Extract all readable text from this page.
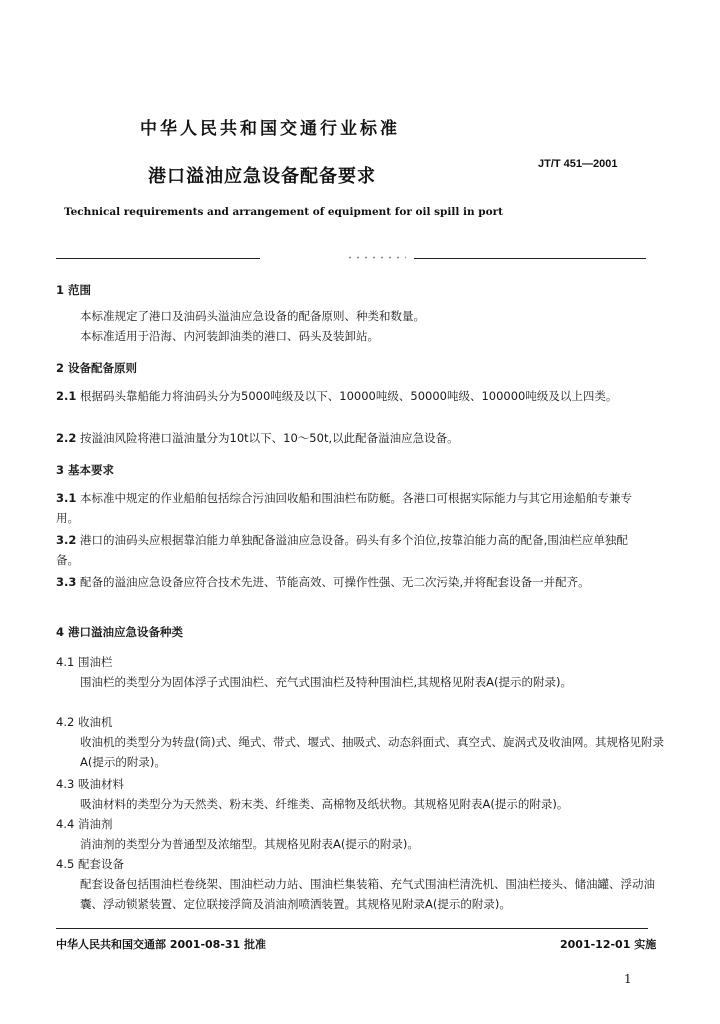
中华人民共和国交通行业标准
港口溢油应急设备配备要求
JT/T 451—2001
Technical requirements and arrangement of equipment for oil spill in port
1 范围
本标准规定了港口及油码头溢油应急设备的配备原则、种类和数量。
本标准适用于沿海、内河装卸油类的港口、码头及装卸站。
2 设备配备原则
2.1 根据码头靠船能力将油码头分为5000吨级及以下、10000吨级、50000吨级、100000吨级及以上四类。
2.2 按溢油风险将港口溢油量分为10t以下、10～50t,以此配备溢油应急设备。
3 基本要求
3.1 本标准中规定的作业船舶包括综合污油回收船和围油栏布防艇。各港口可根据实际能力与其它用途船舶专兼专用。
3.2 港口的油码头应根据靠泊能力单独配备溢油应急设备。码头有多个泊位,按靠泊能力高的配备,围油栏应单独配备。
3.3 配备的溢油应急设备应符合技术先进、节能高效、可操作性强、无二次污染,并将配套设备一并配齐。
4 港口溢油应急设备种类
4.1 围油栏
围油栏的类型分为固体浮子式围油栏、充气式围油栏及特种围油栏,其规格见附表A(提示的附录)。
4.2 收油机
收油机的类型分为转盘(筒)式、绳式、带式、堰式、抽吸式、动态斜面式、真空式、旋涡式及收油网。其规格见附录A(提示的附录)。
4.3 吸油材料
吸油材料的类型分为天然类、粉末类、纤维类、高棉物及纸状物。其规格见附表A(提示的附录)。
4.4 消油剂
消油剂的类型分为普通型及浓缩型。其规格见附表A(提示的附录)。
4.5 配套设备
配套设备包括围油栏卷绕架、围油栏动力站、围油栏集装箱、充气式围油栏清洗机、围油栏接头、储油罐、浮动油囊、浮动锁紧装置、定位联接浮筒及消油剂喷洒装置。其规格见附录A(提示的附录)。
中华人民共和国交通部 2001-08-31 批准	2001-12-01 实施
1
